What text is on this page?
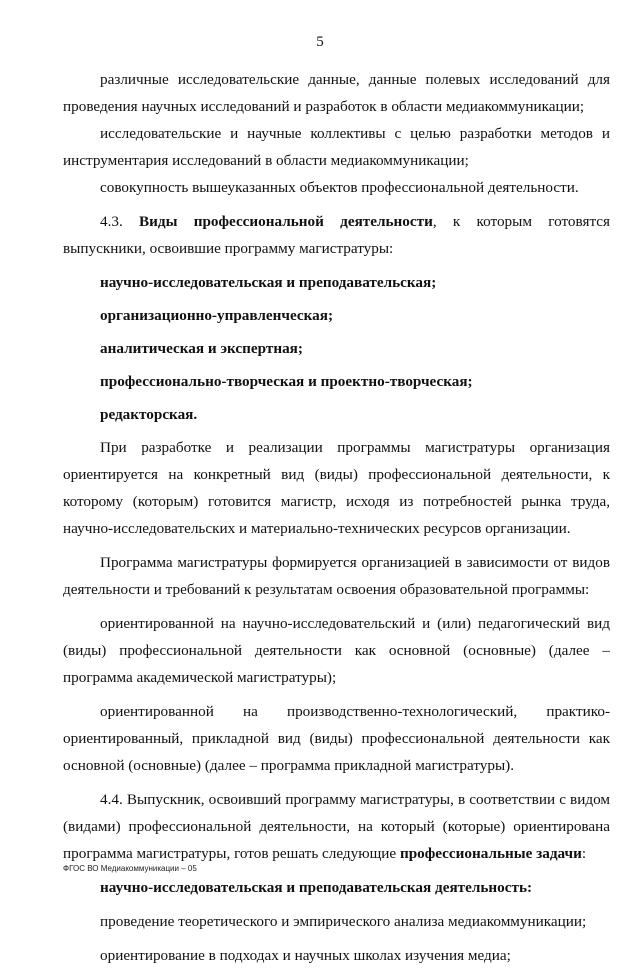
5

различные исследовательские данные, данные полевых исследований для проведения научных исследований и разработок в области медиакоммуникации;

исследовательские и научные коллективы с целью разработки методов и инструментария исследований в области медиакоммуникации;

совокупность вышеуказанных объектов профессиональной деятельности.

4.3. Виды профессиональной деятельности, к которым готовятся выпускники, освоившие программу магистратуры:

научно-исследовательская и преподавательская;

организационно-управленческая;

аналитическая и экспертная;

профессионально-творческая и проектно-творческая;

редакторская.

При разработке и реализации программы магистратуры организация ориентируется на конкретный вид (виды) профессиональной деятельности, к которому (которым) готовится магистр, исходя из потребностей рынка труда, научно-исследовательских и материально-технических ресурсов организации.

Программа магистратуры формируется организацией в зависимости от видов деятельности и требований к результатам освоения образовательной программы:

ориентированной на научно-исследовательский и (или) педагогический вид (виды) профессиональной деятельности как основной (основные) (далее – программа академической магистратуры);

ориентированной на производственно-технологический, практико-ориентированный, прикладной вид (виды) профессиональной деятельности как основной (основные) (далее – программа прикладной магистратуры).

4.4. Выпускник, освоивший программу магистратуры, в соответствии с видом (видами) профессиональной деятельности, на который (которые) ориентирована программа магистратуры, готов решать следующие профессиональные задачи:

научно-исследовательская и преподавательская деятельность:

проведение теоретического и эмпирического анализа медиакоммуникации;

ориентирование в подходах и научных школах изучения медиа;

ФГОС ВО Медиакоммуникации – 05
